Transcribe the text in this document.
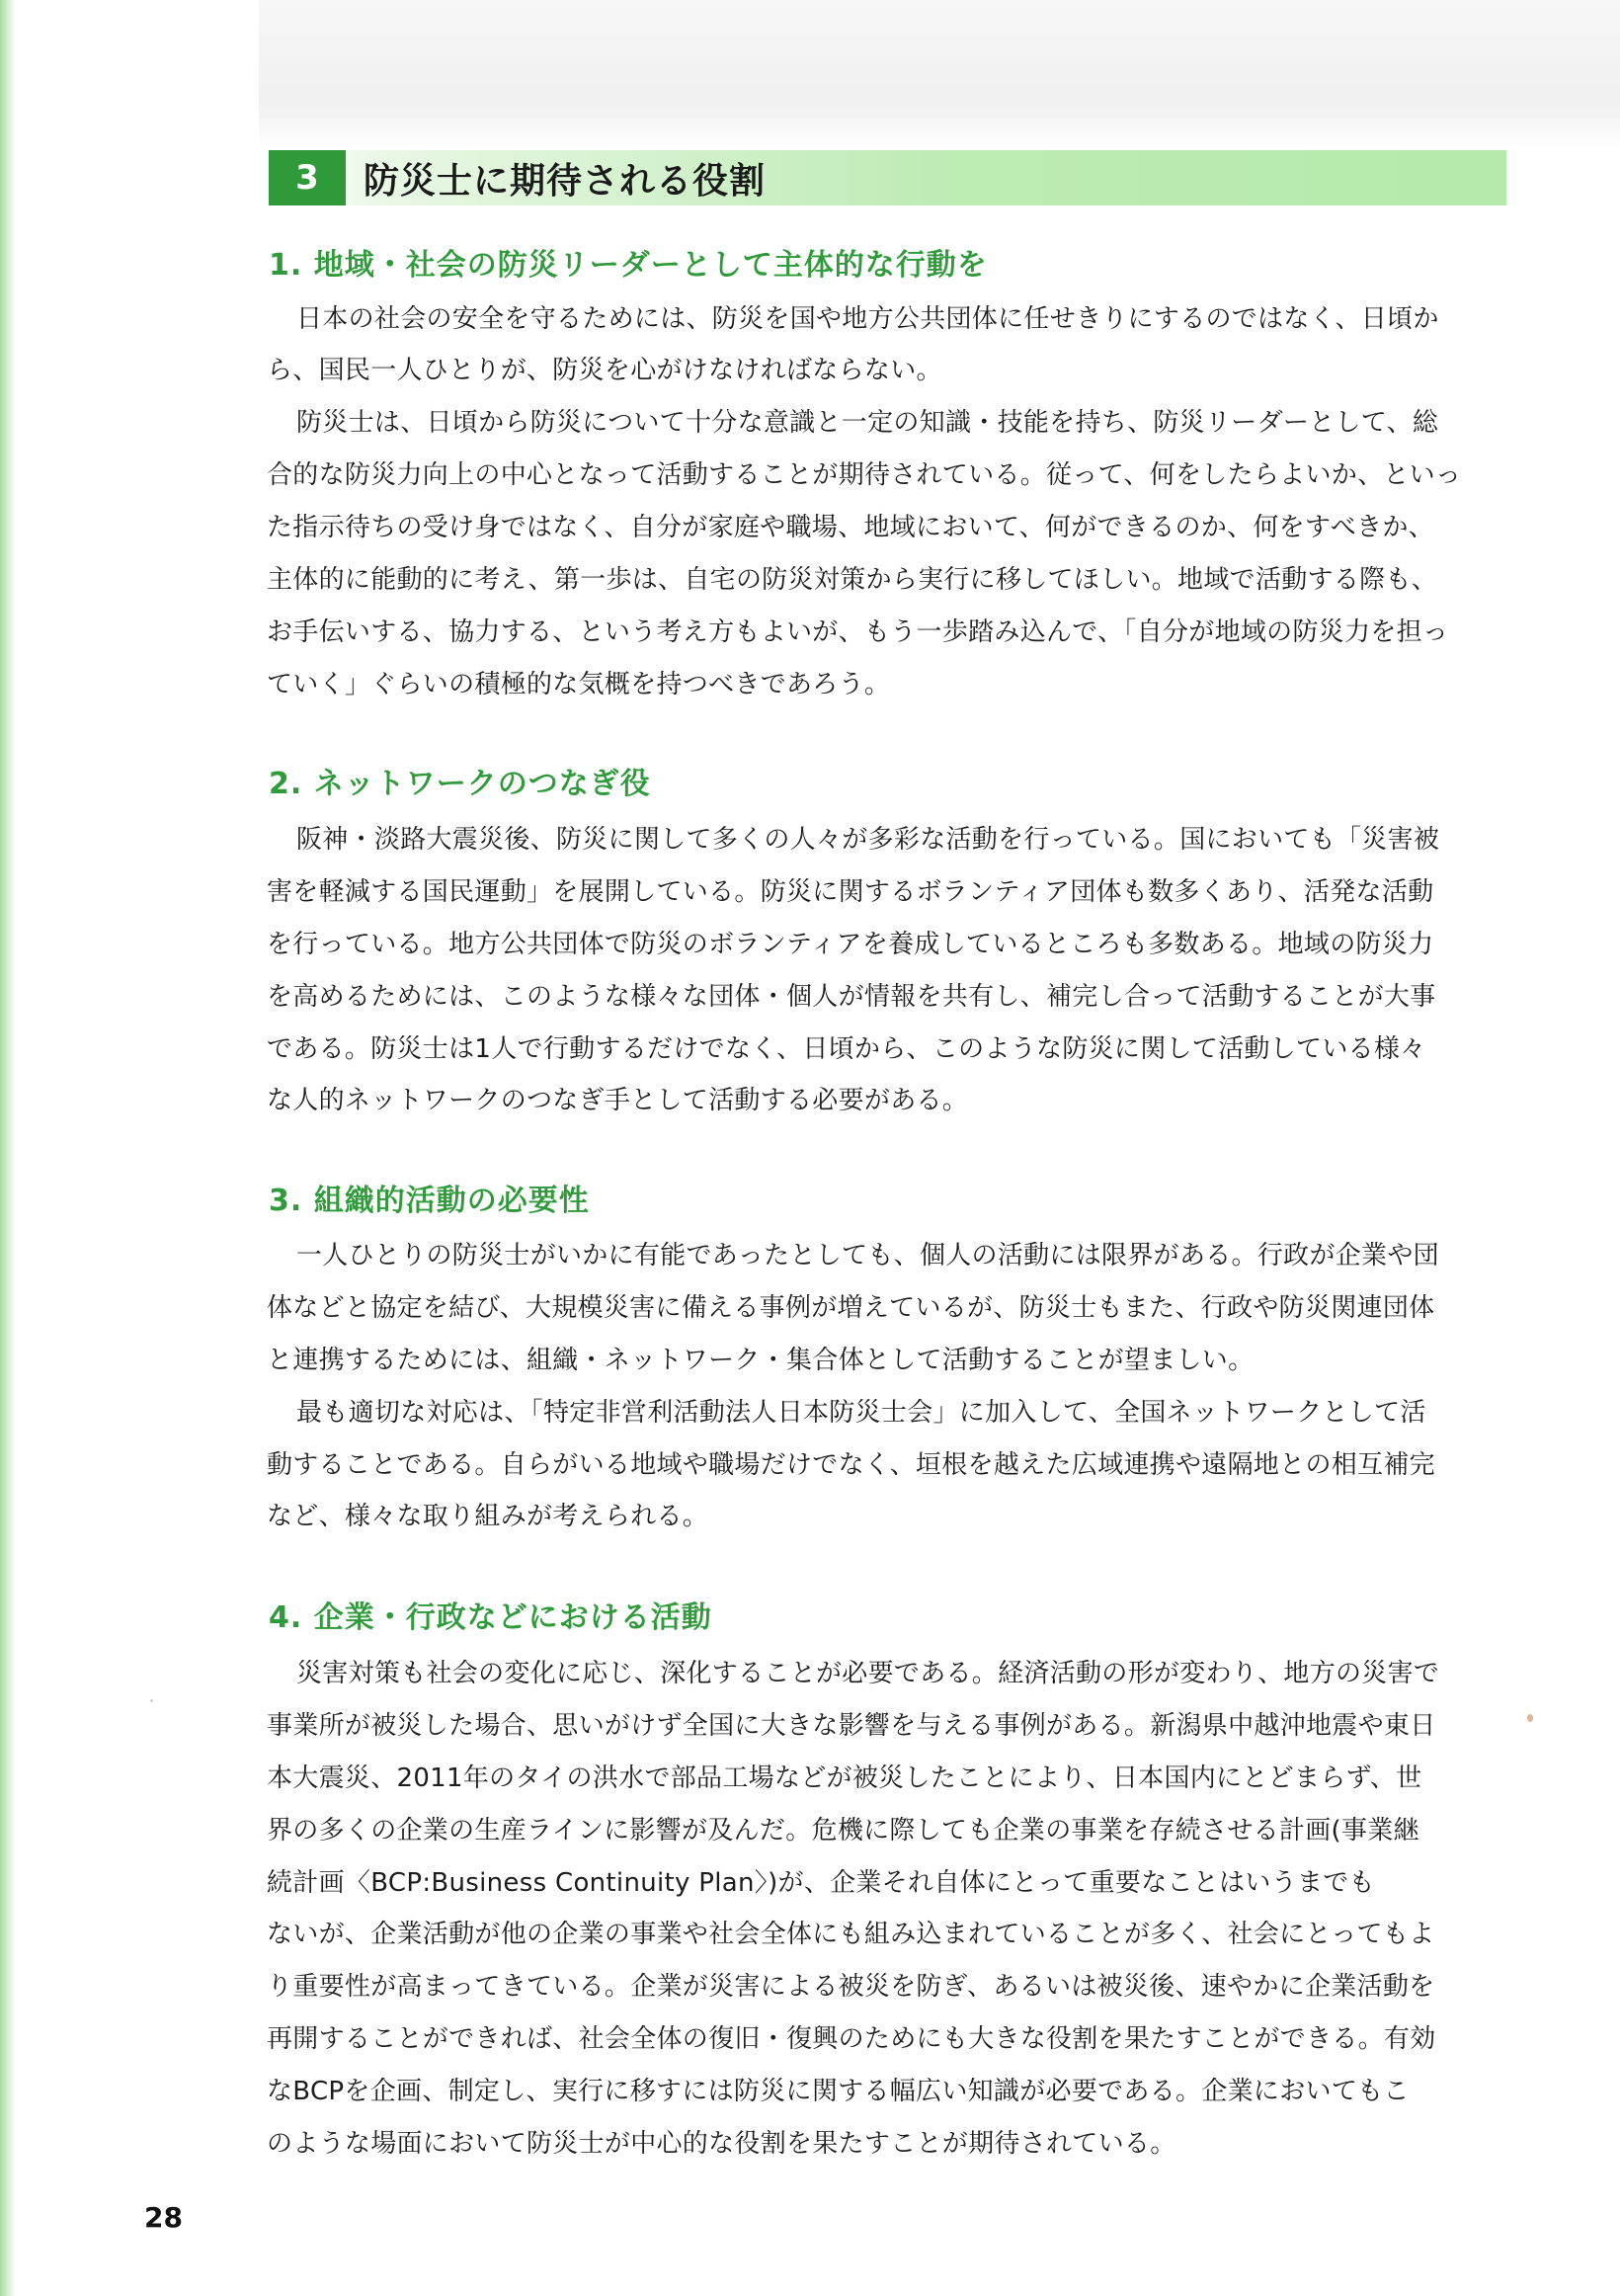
3	防災士に期待される役割
1. 地域・社会の防災リーダーとして主体的な行動を
日本の社会の安全を守るためには、防災を国や地方公共団体に任せきりにするのではなく、日頃か
ら、国民一人ひとりが、防災を心がけなければならない。
防災士は、日頃から防災について十分な意識と一定の知識・技能を持ち、防災リーダーとして、総
合的な防災力向上の中心となって活動することが期待されている。従って、何をしたらよいか、といっ
た指示待ちの受け身ではなく、自分が家庭や職場、地域において、何ができるのか、何をすべきか、
主体的に能動的に考え、第一歩は、自宅の防災対策から実行に移してほしい。地域で活動する際も、
お手伝いする、協力する、という考え方もよいが、もう一歩踏み込んで、「自分が地域の防災力を担っ
ていく」ぐらいの積極的な気概を持つべきであろう。
2. ネットワークのつなぎ役
阪神・淡路大震災後、防災に関して多くの人々が多彩な活動を行っている。国においても「災害被
害を軽減する国民運動」を展開している。防災に関するボランティア団体も数多くあり、活発な活動
を行っている。地方公共団体で防災のボランティアを養成しているところも多数ある。地域の防災力
を高めるためには、このような様々な団体・個人が情報を共有し、補完し合って活動することが大事
である。防災士は1人で行動するだけでなく、日頃から、このような防災に関して活動している様々
な人的ネットワークのつなぎ手として活動する必要がある。
3. 組織的活動の必要性
一人ひとりの防災士がいかに有能であったとしても、個人の活動には限界がある。行政が企業や団
体などと協定を結び、大規模災害に備える事例が増えているが、防災士もまた、行政や防災関連団体
と連携するためには、組織・ネットワーク・集合体として活動することが望ましい。
最も適切な対応は、「特定非営利活動法人日本防災士会」に加入して、全国ネットワークとして活
動することである。自らがいる地域や職場だけでなく、垣根を越えた広域連携や遠隔地との相互補完
など、様々な取り組みが考えられる。
4. 企業・行政などにおける活動
災害対策も社会の変化に応じ、深化することが必要である。経済活動の形が変わり、地方の災害で
事業所が被災した場合、思いがけず全国に大きな影響を与える事例がある。新潟県中越沖地震や東日
本大震災、2011年のタイの洪水で部品工場などが被災したことにより、日本国内にとどまらず、世
界の多くの企業の生産ラインに影響が及んだ。危機に際しても企業の事業を存続させる計画(事業継
続計画〈BCP:Business Continuity Plan〉)が、企業それ自体にとって重要なことはいうまでも
ないが、企業活動が他の企業の事業や社会全体にも組み込まれていることが多く、社会にとってもよ
り重要性が高まってきている。企業が災害による被災を防ぎ、あるいは被災後、速やかに企業活動を
再開することができれば、社会全体の復旧・復興のためにも大きな役割を果たすことができる。有効
なBCPを企画、制定し、実行に移すには防災に関する幅広い知識が必要である。企業においてもこ
のような場面において防災士が中心的な役割を果たすことが期待されている。
28
